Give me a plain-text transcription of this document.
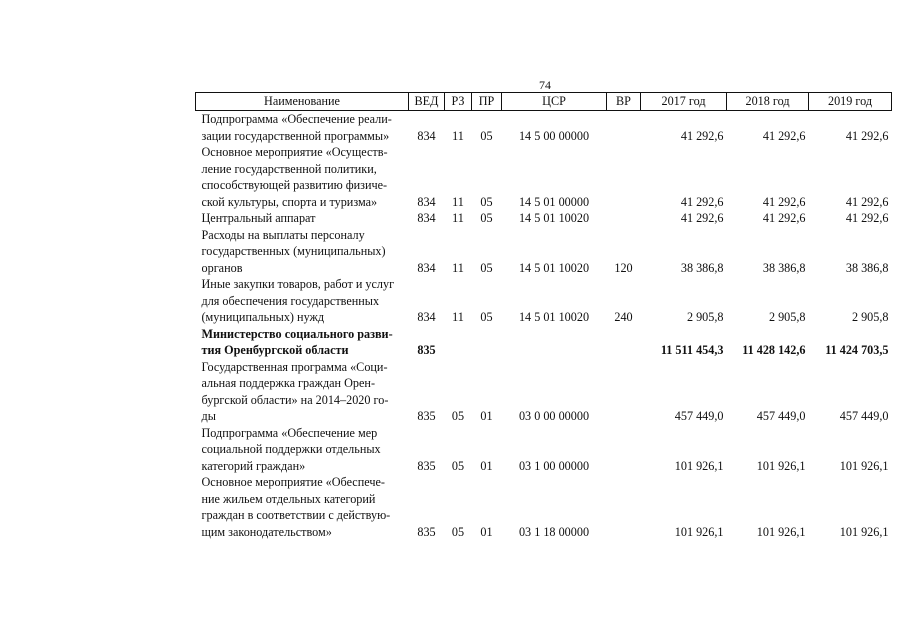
74
Наименование	ВЕД	РЗ	ПР	ЦСР	ВР	2017 год	2018 год	2019 год
Подпрограмма «Обеспечение реали-
зации государственной программы»	834	11	05	14 5 00 00000		41 292,6	41 292,6	41 292,6
Основное мероприятие «Осуществ-
ление государственной политики,
способствующей развитию физиче-
ской культуры, спорта и туризма»	834	11	05	14 5 01 00000		41 292,6	41 292,6	41 292,6
Центральный аппарат	834	11	05	14 5 01 10020		41 292,6	41 292,6	41 292,6
Расходы на выплаты персоналу
государственных (муниципальных)
органов	834	11	05	14 5 01 10020	120	38 386,8	38 386,8	38 386,8
Иные закупки товаров, работ и услуг
для обеспечения государственных
(муниципальных) нужд	834	11	05	14 5 01 10020	240	2 905,8	2 905,8	2 905,8
Министерство социального разви-
тия Оренбургской области	835					11 511 454,3	11 428 142,6	11 424 703,5
Государственная программа «Соци-
альная поддержка граждан Орен-
бургской области» на 2014–2020 го-
ды	835	05	01	03 0 00 00000		457 449,0	457 449,0	457 449,0
Подпрограмма «Обеспечение мер
социальной поддержки отдельных
категорий граждан»	835	05	01	03 1 00 00000		101 926,1	101 926,1	101 926,1
Основное мероприятие «Обеспече-
ние жильем отдельных категорий
граждан в соответствии с действую-
щим законодательством»	835	05	01	03 1 18 00000		101 926,1	101 926,1	101 926,1
